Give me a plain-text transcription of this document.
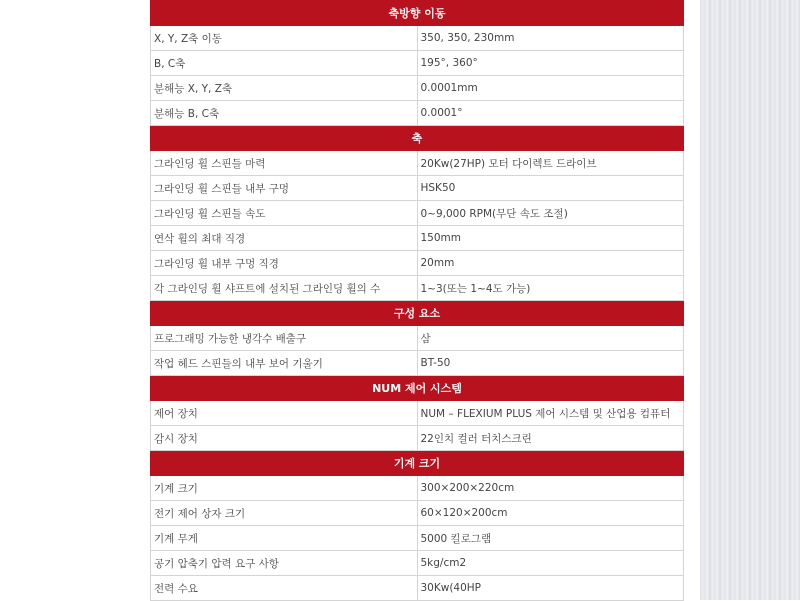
축방향 이동	
X, Y, Z축 이동	350, 350, 230mm
B, C축	195°, 360°
분해능 X, Y, Z축	0.0001mm
분해능 B, C축	0.0001°
축	
그라인딩 휠 스핀들 마력	20Kw(27HP) 모터 다이렉트 드라이브
그라인딩 휠 스핀들 내부 구멍	HSK50
그라인딩 휠 스핀들 속도	0~9,000 RPM(무단 속도 조절)
연삭 휠의 최대 직경	150mm
그라인딩 휠 내부 구멍 직경	20mm
각 그라인딩 휠 샤프트에 설치된 그라인딩 휠의 수	1~3(또는 1~4도 가능)
구성 요소	
프로그래밍 가능한 냉각수 배출구	삼
작업 헤드 스핀들의 내부 보어 기울기	BT-50
NUM 제어 시스템	
제어 장치	NUM – FLEXIUM PLUS 제어 시스템 및 산업용 컴퓨터
감시 장치	22인치 컬러 터치스크린
기계 크기	
기계 크기	300×200×220cm
전기 제어 상자 크기	60×120×200cm
기계 무게	5000 킬로그램
공기 압축기 압력 요구 사항	5kg/cm2
전력 수요	30Kw(40HP
